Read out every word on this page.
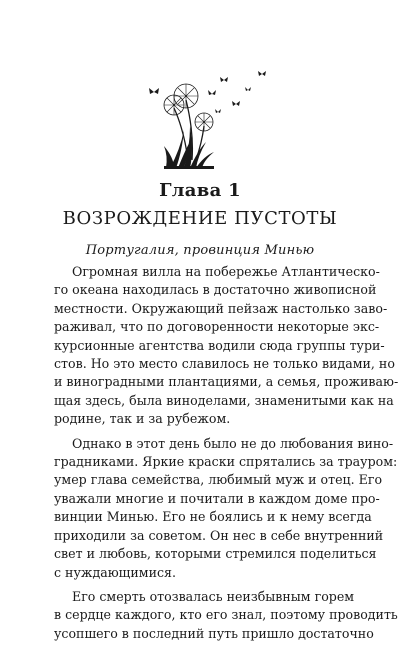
Глава 1
ВОЗРОЖДЕНИЕ ПУСТОТЫ
Португалия, провинция Минью
Огромная вилла на побережье Атлантическо-
го океана находилась в достаточно живописной
местности. Окружающий пейзаж настолько заво-
раживал, что по договоренности некоторые экс-
курсионные агентства водили сюда группы тури-
стов. Но это место славилось не только видами, но
и виноградными плантациями, а семья, проживаю-
щая здесь, была виноделами, знаменитыми как на
родине, так и за рубежом.
Однако в этот день было не до любования вино-
градниками. Яркие краски спрятались за трауром:
умер глава семейства, любимый муж и отец. Его
уважали многие и почитали в каждом доме про-
винции Минью. Его не боялись и к нему всегда
приходили за советом. Он нес в себе внутренний
свет и любовь, которыми стремился поделиться
с нуждающимися.
Его смерть отозвалась неизбывным горем
в сердце каждого, кто его знал, поэтому проводить
усопшего в последний путь пришло достаточно
